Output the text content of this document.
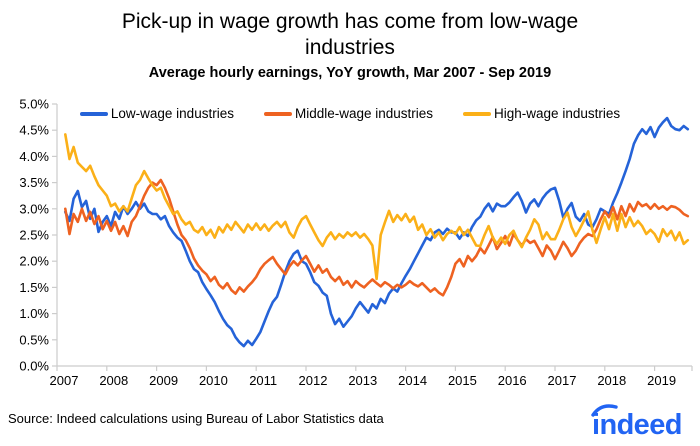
Pick-up in wage growth has come from low-wage industries
Average hourly earnings, YoY growth, Mar 2007 - Sep 2019
0.0%
0.5%
1.0%
1.5%
2.0%
2.5%
3.0%
3.5%
4.0%
4.5%
5.0%
2007 2008 2009 2010 2011 2012 2013 2014 2015 2016 2017 2018 2019
Low-wage industries	Middle-wage industries	High-wage industries
Source: Indeed calculations using Bureau of Labor Statistics data	indeed
